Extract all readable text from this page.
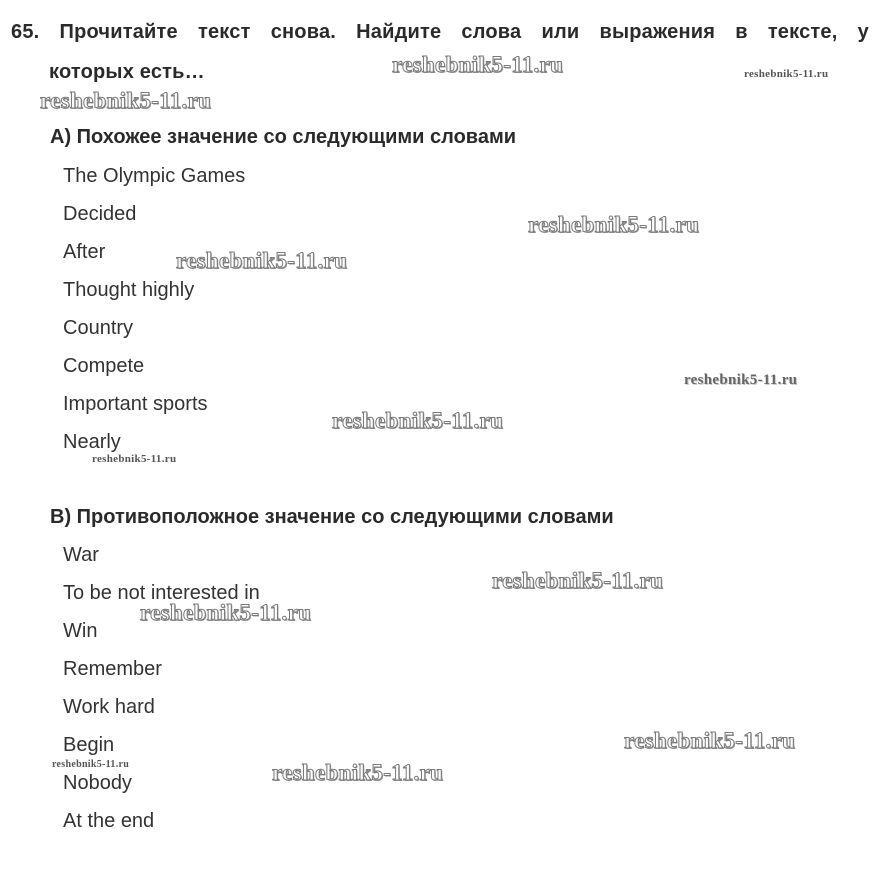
65. Прочитайте текст снова. Найдите слова или выражения в тексте, у
которых есть…
А) Похожее значение со следующими словами
The Olympic Games
Decided
After
Thought highly
Country
Compete
Important sports
Nearly
B) Противоположное значение со следующими словами
War
To be not interested in
Win
Remember
Work hard
Begin
Nobody
At the end
reshebnik5-11.ru	reshebnik5-11.ru
reshebnik5-11.ru
reshebnik5-11.ru
reshebnik5-11.ru
reshebnik5-11.ru
reshebnik5-11.ru
reshebnik5-11.ru
reshebnik5-11.ru
reshebnik5-11.ru
reshebnik5-11.ru
reshebnik5-11.ru	reshebnik5-11.ru
